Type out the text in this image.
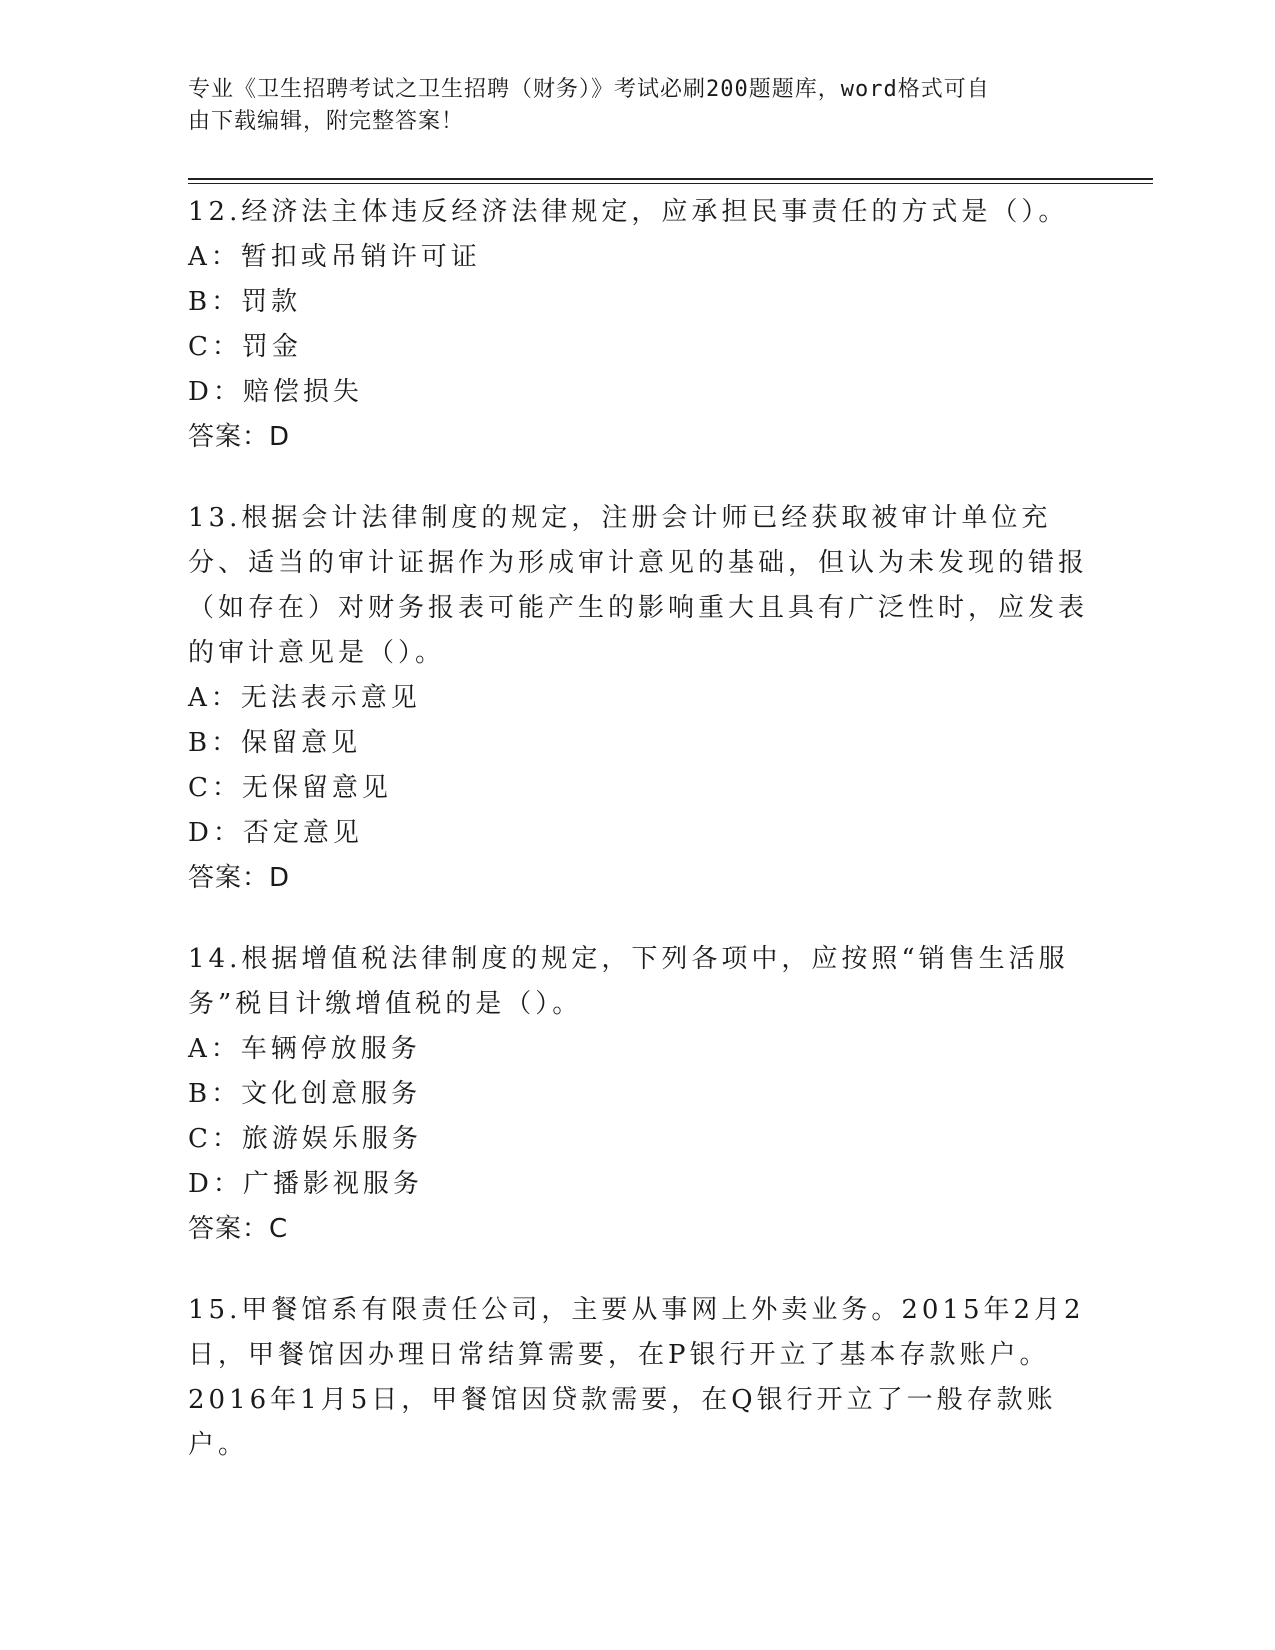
专业《卫生招聘考试之卫生招聘（财务）》考试必刷200题题库，word格式可自
由下载编辑，附完整答案！

12.经济法主体违反经济法律规定，应承担民事责任的方式是（）。

A：暂扣或吊销许可证

B：罚款

C：罚金

D：赔偿损失

答案：D

13.根据会计法律制度的规定，注册会计师已经获取被审计单位充分、适当的审计证据作为形成审计意见的基础，但认为未发现的错报（如存在）对财务报表可能产生的影响重大且具有广泛性时，应发表的审计意见是（）。

A：无法表示意见

B：保留意见

C：无保留意见

D：否定意见

答案：D

14.根据增值税法律制度的规定，下列各项中，应按照“销售生活服务”税目计缴增值税的是（）。

A：车辆停放服务

B：文化创意服务

C：旅游娱乐服务

D：广播影视服务

答案：C

15.甲餐馆系有限责任公司，主要从事网上外卖业务。2015年2月2日，甲餐馆因办理日常结算需要，在P银行开立了基本存款账户。2016年1月5日，甲餐馆因贷款需要，在Q银行开立了一般存款账户。
